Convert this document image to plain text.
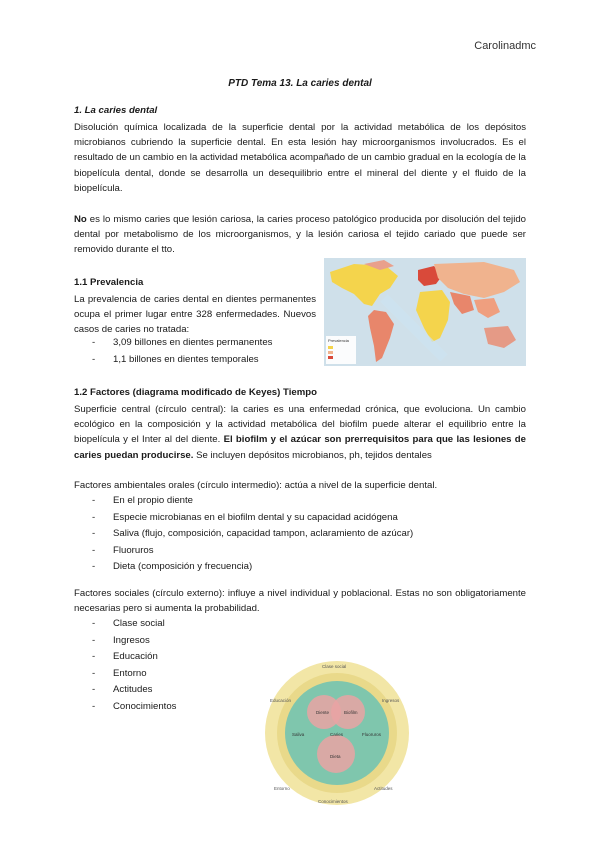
Carolinadmc
PTD Tema 13. La caries dental
1. La caries dental
Disolución química localizada de la superficie dental por la actividad metabólica de los depósitos microbianos cubriendo la superficie dental. En esta lesión hay microorganismos involucrados. Es el resultado de un cambio en la actividad metabólica acompañado de un cambio gradual en la ecología de la biopelícula dental, donde se desarrolla un desequilibrio entre el mineral del diente y el fluido de la biopelícula.
No es lo mismo caries que lesión cariosa, la caries proceso patológico producida por disolución del tejido dental por metabolismo de los microorganismos, y la lesión cariosa el tejido cariado que puede ser removido durante el tto.
1.1 Prevalencia
La prevalencia de caries dental en dientes permanentes ocupa el primer lugar entre 328 enfermedades. Nuevos casos de caries no tratada:
- 3,09 billones en dientes permanentes
- 1,1 billones en dientes temporales
Prevalencia
1.2 Factores (diagrama modificado de Keyes) Tiempo
Superficie central (círculo central): la caries es una enfermedad crónica, que evoluciona. Un cambio ecológico en la composición y la actividad metabólica del biofilm puede alterar el equilibrio entre la biopelícula y el Inter al del diente. El biofilm y el azúcar son prerrequisitos para que las lesiones de caries puedan producirse. Se incluyen depósitos microbianos, ph, tejidos dentales
Factores ambientales orales (círculo intermedio): actúa a nivel de la superficie dental.
- En el propio diente
- Especie microbianas en el biofilm dental y su capacidad acidógena
- Saliva (flujo, composición, capacidad tampon, aclaramiento de azúcar)
- Fluoruros
- Dieta (composición y frecuencia)
Factores sociales (círculo externo): influye a nivel individual y poblacional. Estas no son obligatoriamente necesarias pero si aumenta la probabilidad.
- Clase social
- Ingresos
- Educación
- Entorno
- Actitudes
- Conocimientos
Clase social
Educación	Ingresos
Entorno	Actitudes
Conocimientos
Diente	Biofilm
Caries
Dieta
Saliva	Fluoruros
